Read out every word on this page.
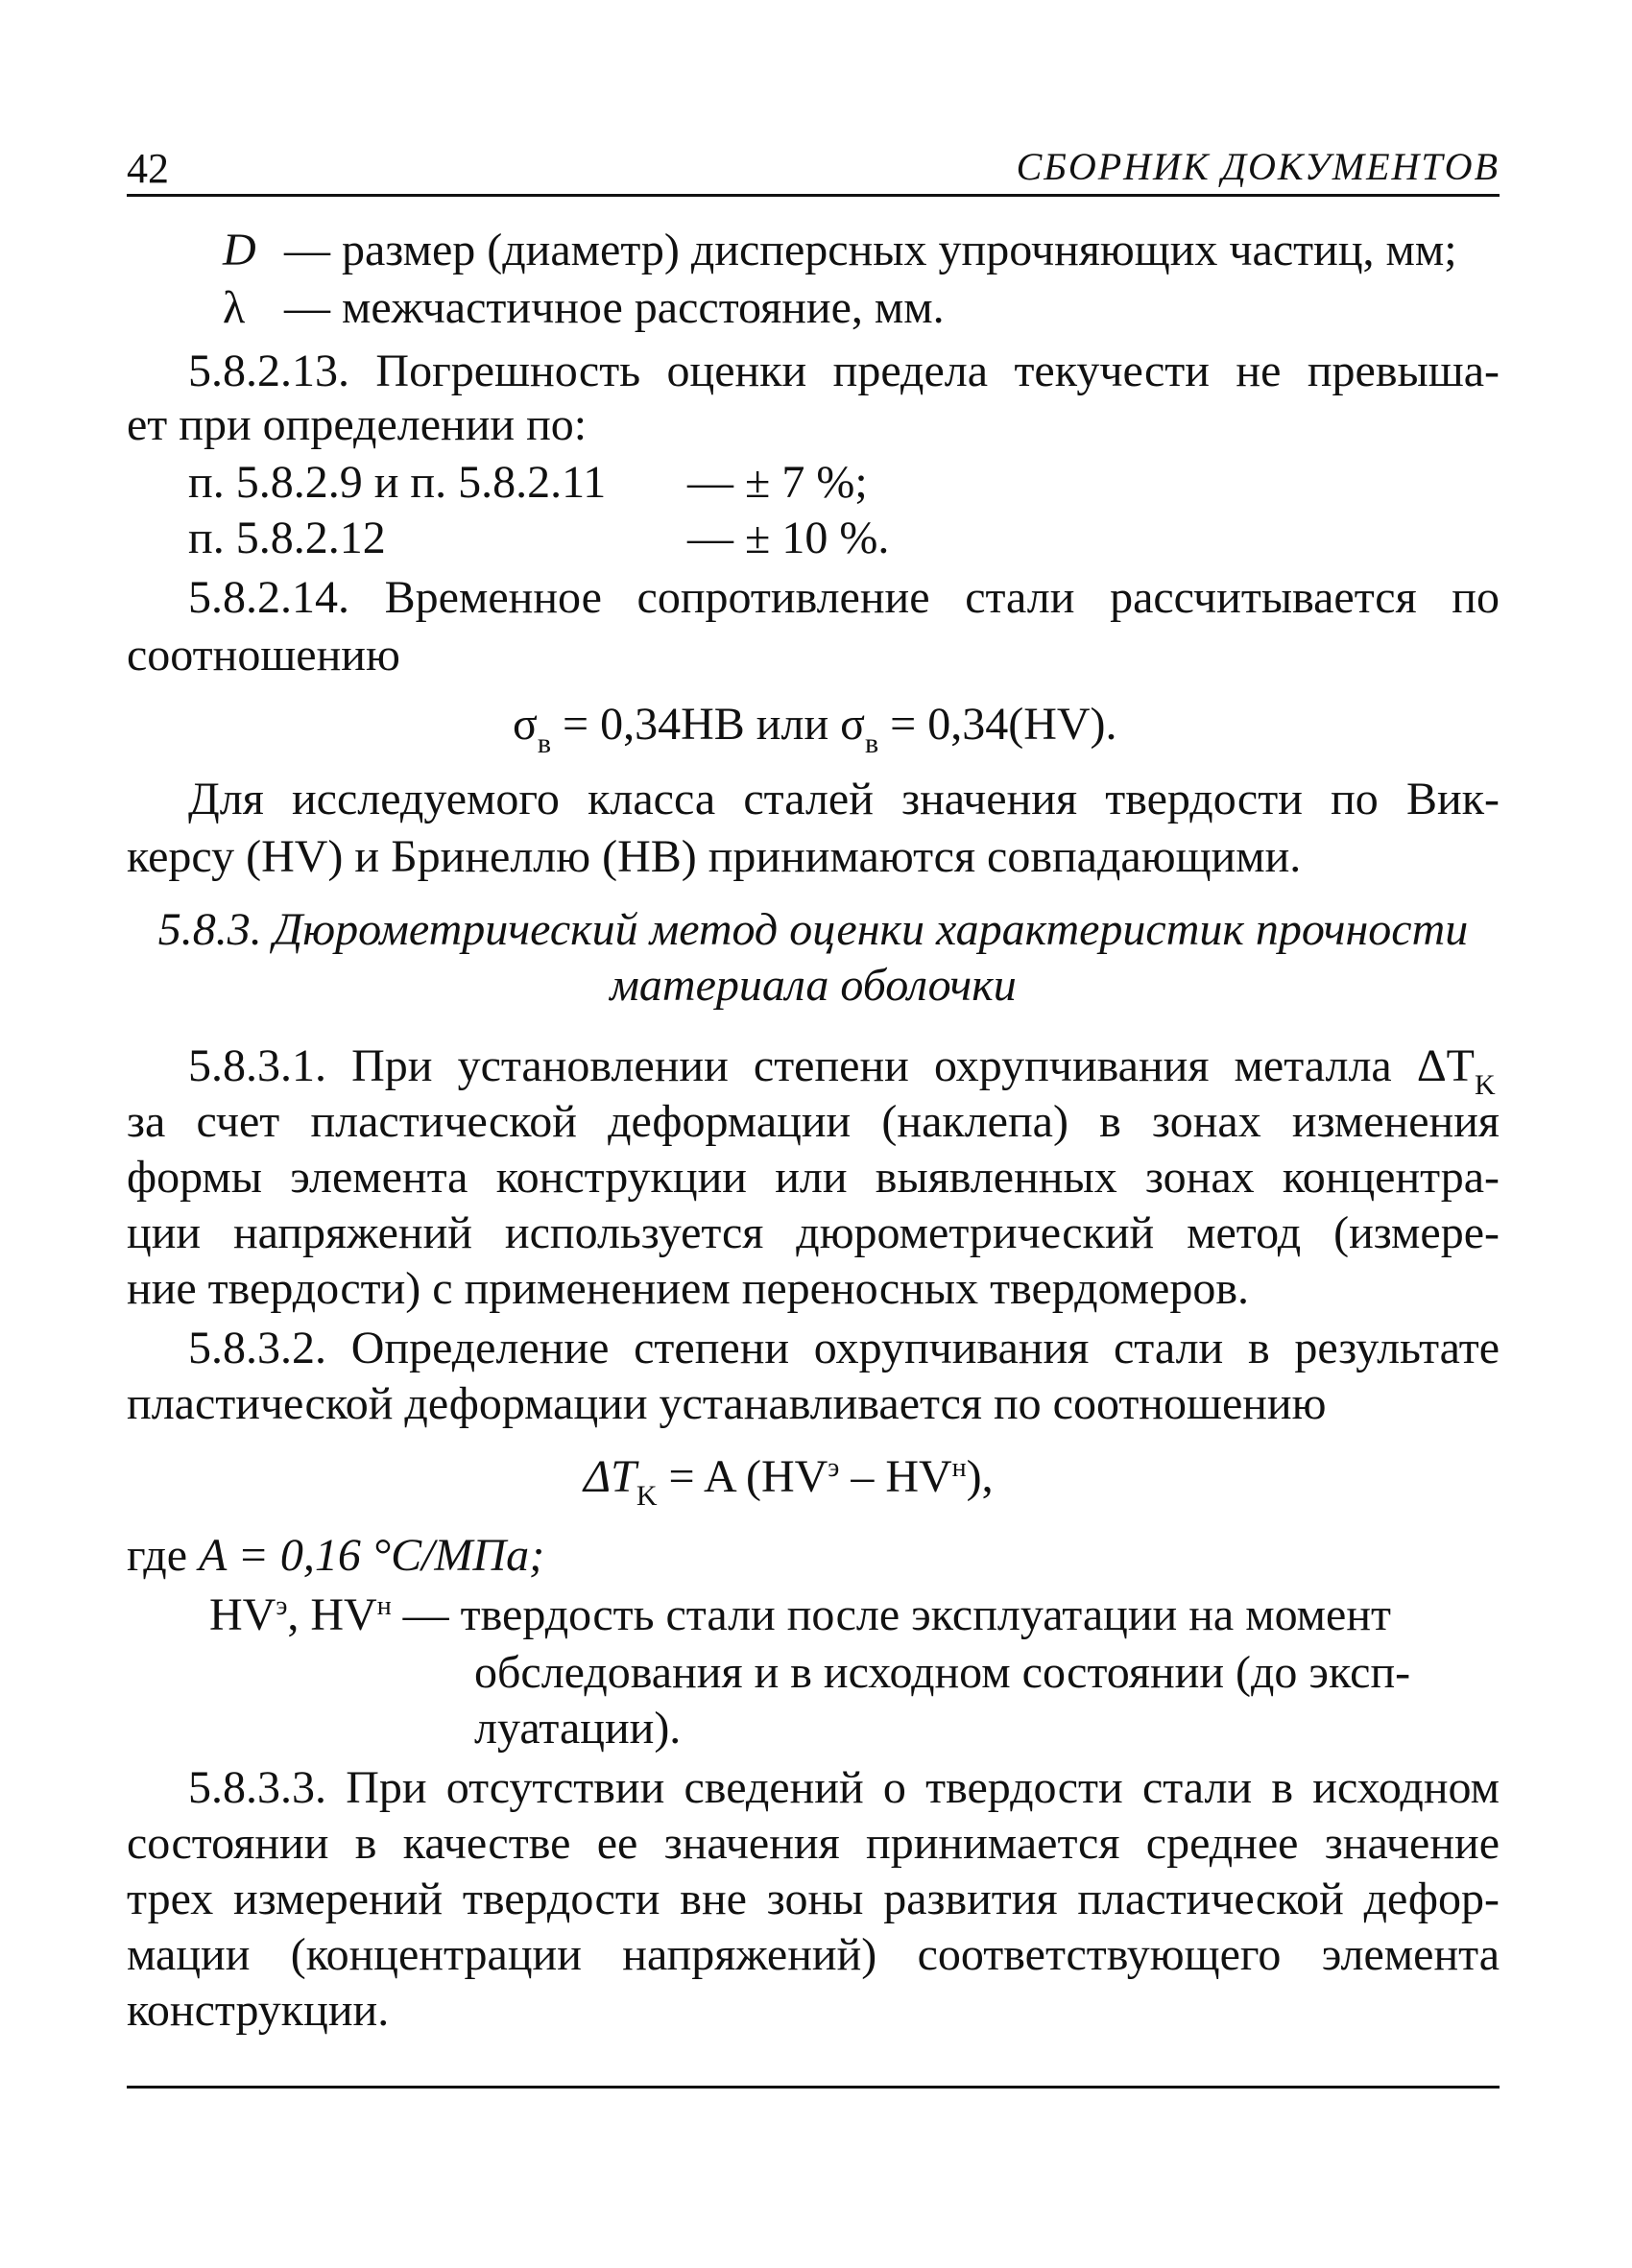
42	СБОРНИК ДОКУМЕНТОВ
D — размер (диаметр) дисперсных упрочняющих частиц, мм;
λ — межчастичное расстояние, мм.
5.8.2.13. Погрешность оценки предела текучести не превыша-
ет при определении по:
п. 5.8.2.9 и п. 5.8.2.11 — ± 7 %;
п. 5.8.2.12	— ± 10 %.
5.8.2.14. Временное сопротивление стали рассчитывается по
соотношению
$\sigma_в = 0,34HB$ или $\sigma_в = 0,34(HV)$.
Для исследуемого класса сталей значения твердости по Вик-
керсу (HV) и Бринеллю (HB) принимаются совпадающими.
5.8.3. Дюрометрический метод оценки характеристик прочности
материала оболочки
5.8.3.1. При установлении степени охрупчивания металла $\Delta T_K$
за счет пластической деформации (наклепа) в зонах изменения
формы элемента конструкции или выявленных зонах концентра-
ции напряжений используется дюрометрический метод (измере-
ние твердости) с применением переносных твердомеров.
5.8.3.2. Определение степени охрупчивания стали в результате
пластической деформации устанавливается по соотношению
$\Delta T_K = A$ $(HV^э - HV^н)$,
где A = 0,16 °C/МПа;
$HV^э$, $HV^н$ — твердость стали после эксплуатации на момент
обследования и в исходном состоянии (до эксп-
луатации).
5.8.3.3. При отсутствии сведений о твердости стали в исходном
состоянии в качестве ее значения принимается среднее значение
трех измерений твердости вне зоны развития пластической дефор-
мации (концентрации напряжений) соответствующего элемента
конструкции.
